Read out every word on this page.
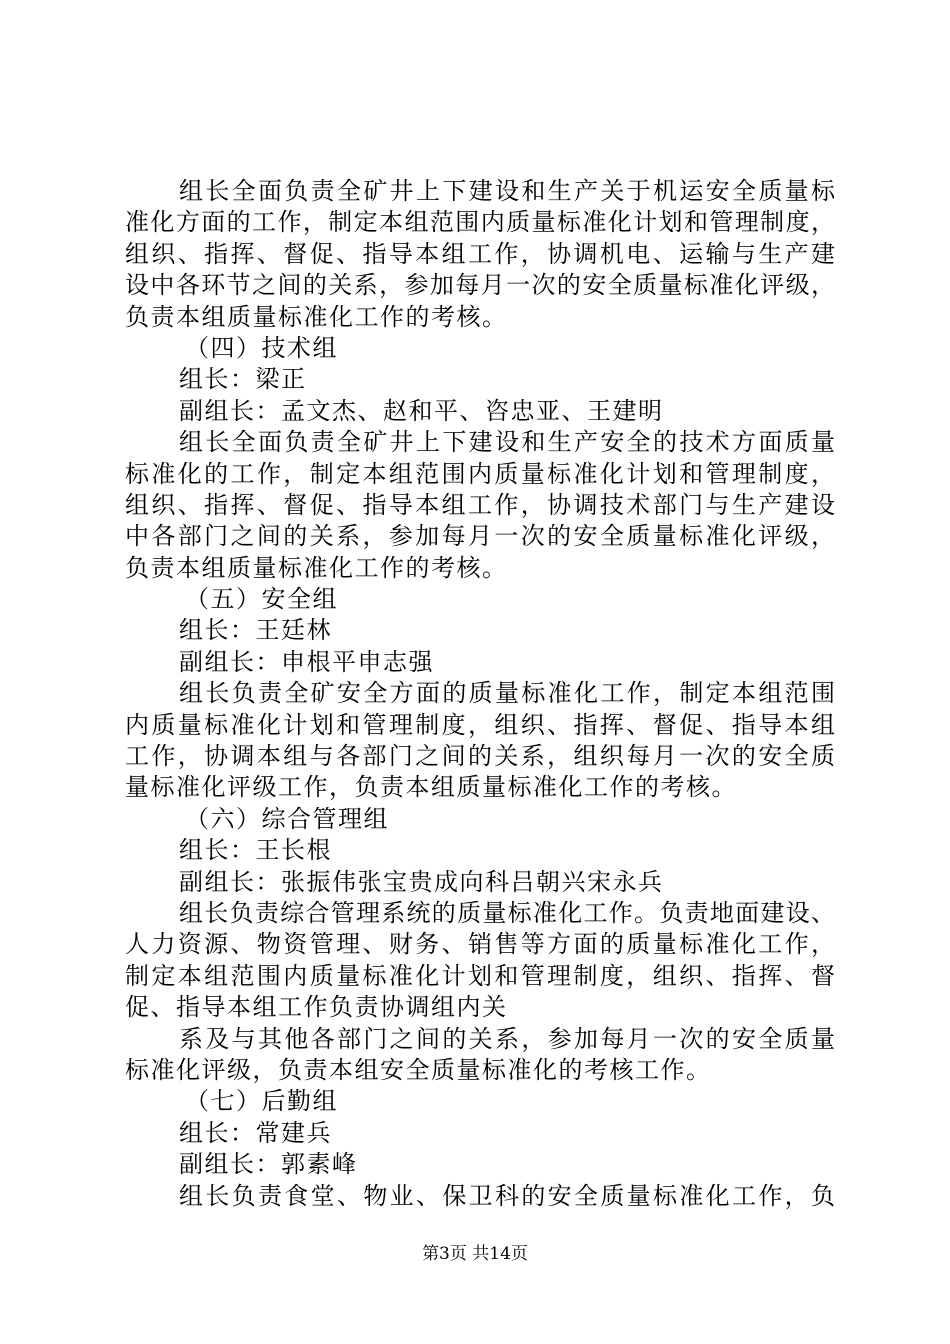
组长全面负责全矿井上下建设和生产关于机运安全质量标
准化方面的工作，制定本组范围内质量标准化计划和管理制度，
组织、指挥、督促、指导本组工作，协调机电、运输与生产建
设中各环节之间的关系，参加每月一次的安全质量标准化评级，
负责本组质量标准化工作的考核。
（四）技术组
组长：梁正
副组长：孟文杰、赵和平、咨忠亚、王建明
组长全面负责全矿井上下建设和生产安全的技术方面质量
标准化的工作，制定本组范围内质量标准化计划和管理制度，
组织、指挥、督促、指导本组工作，协调技术部门与生产建设
中各部门之间的关系，参加每月一次的安全质量标准化评级，
负责本组质量标准化工作的考核。
（五）安全组
组长：王廷林
副组长：申根平申志强
组长负责全矿安全方面的质量标准化工作，制定本组范围
内质量标准化计划和管理制度，组织、指挥、督促、指导本组
工作，协调本组与各部门之间的关系，组织每月一次的安全质
量标准化评级工作，负责本组质量标准化工作的考核。
（六）综合管理组
组长：王长根
副组长：张振伟张宝贵成向科吕朝兴宋永兵
组长负责综合管理系统的质量标准化工作。负责地面建设、
人力资源、物资管理、财务、销售等方面的质量标准化工作，
制定本组范围内质量标准化计划和管理制度，组织、指挥、督
促、指导本组工作负责协调组内关
系及与其他各部门之间的关系，参加每月一次的安全质量
标准化评级，负责本组安全质量标准化的考核工作。
（七）后勤组
组长：常建兵
副组长：郭素峰
组长负责食堂、物业、保卫科的安全质量标准化工作，负
第3页 共14页
